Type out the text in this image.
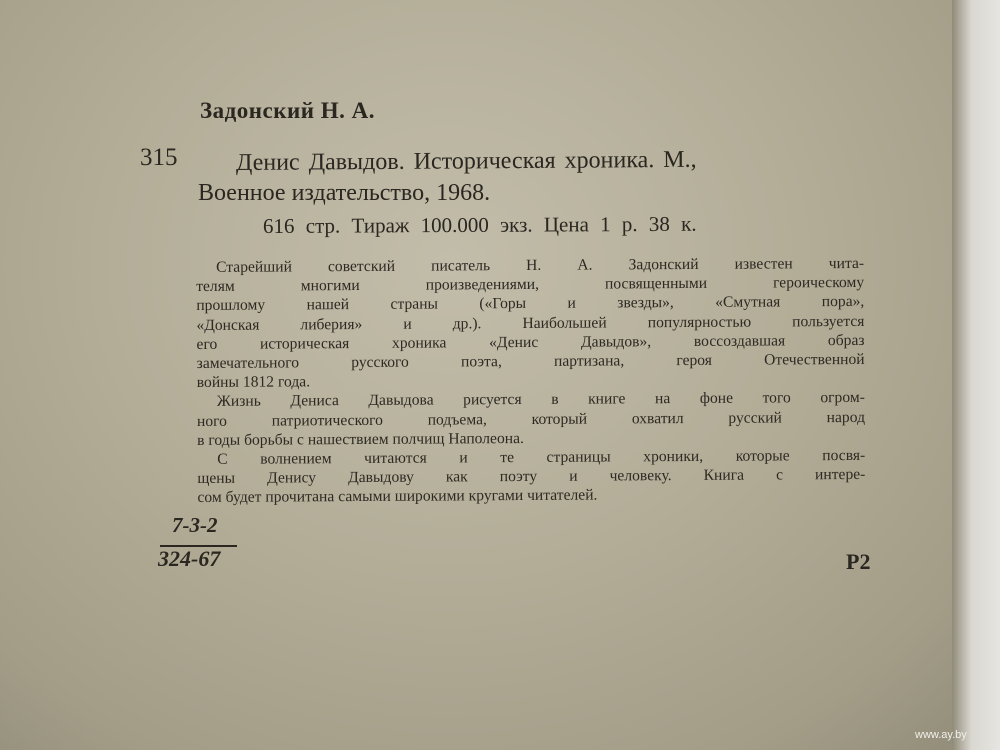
Задонский Н. А.
315 Денис Давыдов. Историческая хроника. М.,
Военное издательство, 1968.
616 стр. Тираж 100.000 экз. Цена 1 р. 38 к.

Старейший советский писатель Н. А. Задонский известен чита-

телям многими произведениями, посвященными героическому

прошлому нашей страны («Горы и звезды», «Смутная пора»,

«Донская либерия» и др.). Наибольшей популярностью пользуется

его историческая хроника «Денис Давыдов», воссоздавшая образ

замечательного русского поэта, партизана, героя Отечественной

войны 1812 года.

Жизнь Дениса Давыдова рисуется в книге на фоне того огром-

ного патриотического подъема, который охватил русский народ

в годы борьбы с нашествием полчищ Наполеона.

С волнением читаются и те страницы хроники, которые посвя-

щены Денису Давыдову как поэту и человеку. Книга с интере-

сом будет прочитана самыми широкими кругами читателей.

7-3-2
324-67	Р2
www.ay.by
